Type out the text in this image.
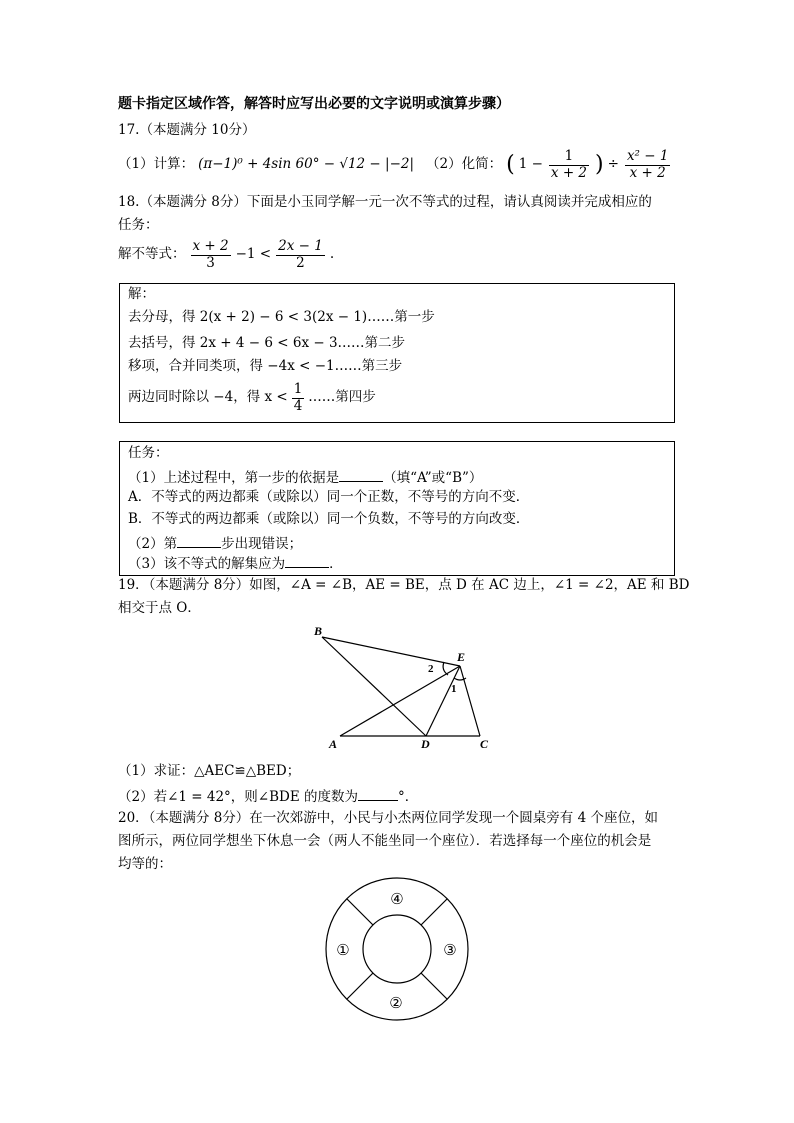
题卡指定区域作答，解答时应写出必要的文字说明或演算步骤）
17.（本题满分 10分）
（1）计算： (π−1)⁰ + 4sin 60° − √12 − |−2| （2）化简： ( $1 - \frac{1}{x + 2}$ ) ÷ $\frac{\text{x² − 1}}{x + 2}$
18.（本题满分 8分）下面是小玉同学解一元一次不等式的过程，请认真阅读并完成相应的
任务：
解不等式： $\frac{x + 2}{3} -1 < \frac{2x - 1}{2}$ .
解：
去分母，得 2(x + 2) − 6 < 3(2x − 1)……第一步
去括号，得 2x + 4 − 6 < 6x − 3……第二步
移项，合并同类项，得 −4x < −1……第三步
两边同时除以 −4，得 $x < \frac{1}{4}$ ……第四步
任务：
（1）上述过程中，第一步的依据是	（填“A”或“B”）
A．不等式的两边都乘（或除以）同一个正数，不等号的方向不变．
B．不等式的两边都乘（或除以）同一个负数，不等号的方向改变．
（2）第	步出现错误；
（3）该不等式的解集应为	．
19．（本题满分 8分）如图，∠A = ∠B，AE = BE，点 D 在 AC 边上，∠1 = ∠2，AE 和 BD
相交于点 O．
B
E
A	D	C
2
1
（1）求证：△AEC≌△BED；
（2）若∠1 = 42°，则∠BDE 的度数为	°．
20．（本题满分 8分）在一次郊游中，小民与小杰两位同学发现一个圆桌旁有 4 个座位，如
图所示，两位同学想坐下休息一会（两人不能坐同一个座位）．若选择每一个座位的机会是
均等的：
④
①	③
②
